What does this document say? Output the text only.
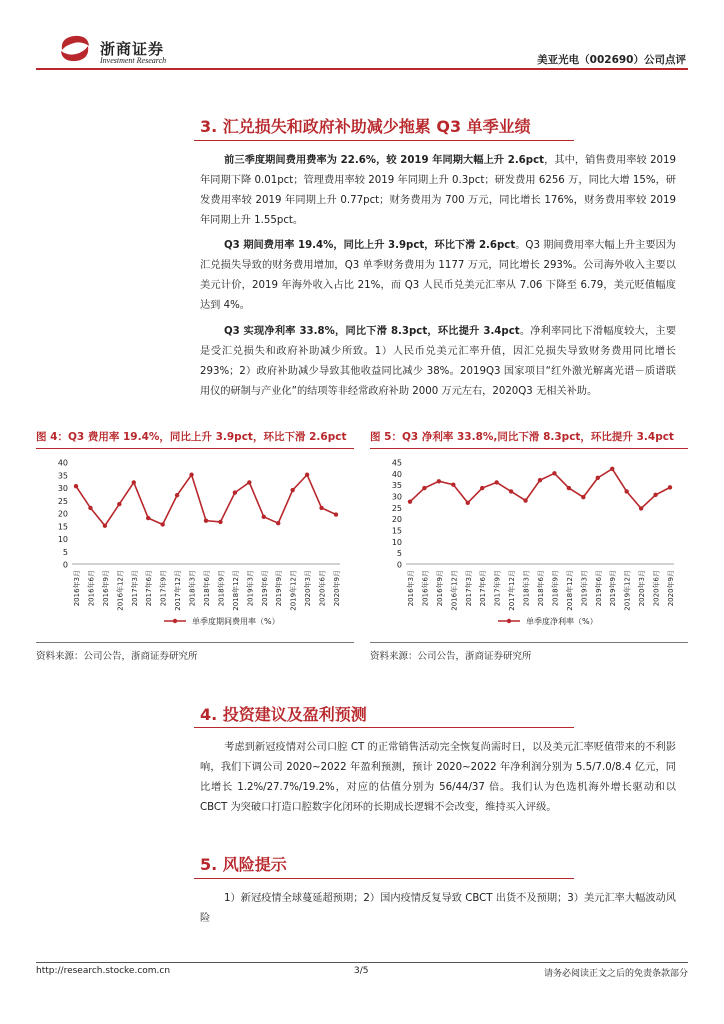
浙商证券
Investment Research	美亚光电（002690）公司点评
3. 汇兑损失和政府补助减少拖累 Q3 单季业绩
前三季度期间费用费率为 22.6%，较 2019 年同期大幅上升 2.6pct，其中，销售费用率较 2019 年同期下降 0.01pct；管理费用率较 2019 年同期上升 0.3pct；研发费用 6256 万，同比大增 15%，研发费用率较 2019 年同期上升 0.77pct；财务费用为 700 万元，同比增长 176%，财务费用率较 2019 年同期上升 1.55pct。
Q3 期间费用率 19.4%，同比上升 3.9pct，环比下滑 2.6pct。Q3 期间费用率大幅上升主要因为汇兑损失导致的财务费用增加，Q3 单季财务费用为 1177 万元，同比增长 293%。公司海外收入主要以美元计价，2019 年海外收入占比 21%，而 Q3 人民币兑美元汇率从 7.06 下降至 6.79，美元贬值幅度达到 4%。
Q3 实现净利率 33.8%，同比下滑 8.3pct，环比提升 3.4pct。净利率同比下滑幅度较大，主要是受汇兑损失和政府补助减少所致。1）人民币兑美元汇率升值，因汇兑损失导致财务费用同比增长 293%；2）政府补助减少导致其他收益同比减少 38%。2019Q3 国家项目“红外激光解离光谱－质谱联用仪的研制与产业化”的结项等非经常政府补助 2000 万元左右，2020Q3 无相关补助。
图 4：Q3 费用率 19.4%，同比上升 3.9pct，环比下滑 2.6pct 图 5：Q3 净利率 33.8%,同比下滑 8.3pct，环比提升 3.4pct
0
5
10
15
20
25
30
35
40
2016年3月 2016年6月 2016年9月 2016年12月 2017年3月 2017年6月 2017年9月 2017年12月 2018年3月 2018年6月 2018年9月 2018年12月 2019年3月 2019年6月 2019年9月 2019年12月 2020年3月 2020年6月 2020年9月
单季度期间费用率（%）
0
5
10
15
20
25
30
35
40
45
2016年3月 2016年6月 2016年9月 2016年12月 2017年3月 2017年6月 2017年9月 2017年12月 2018年3月 2018年6月 2018年9月 2018年12月 2019年3月 2019年6月 2019年9月 2019年12月 2020年3月 2020年6月 2020年9月
单季度净利率（%）
资料来源：公司公告，浙商证券研究所	资料来源：公司公告，浙商证券研究所
4. 投资建议及盈利预测
考虑到新冠疫情对公司口腔 CT 的正常销售活动完全恢复尚需时日，以及美元汇率贬值带来的不利影响，我们下调公司 2020~2022 年盈利预测，预计 2020~2022 年净利润分别为 5.5/7.0/8.4 亿元，同比增长 1.2%/27.7%/19.2%，对应的估值分别为 56/44/37 倍。我们认为色选机海外增长驱动和以 CBCT 为突破口打造口腔数字化闭环的长期成长逻辑不会改变，维持买入评级。
5. 风险提示
1）新冠疫情全球蔓延超预期；2）国内疫情反复导致 CBCT 出货不及预期；3）美元汇率大幅波动风险
http://research.stocke.com.cn	3/5	请务必阅读正文之后的免责条款部分
